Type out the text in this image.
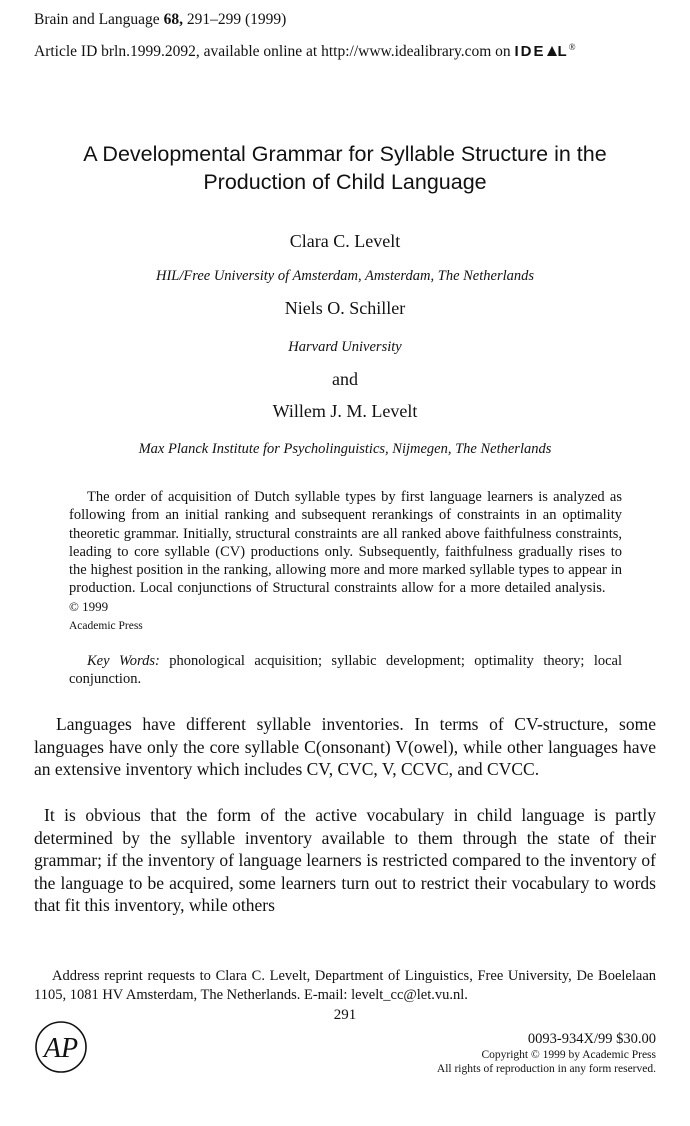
Brain and Language 68, 291–299 (1999)
Article ID brln.1999.2092, available online at http://www.idealibrary.com on IDE L®
A Developmental Grammar for Syllable Structure in the Production of Child Language
Clara C. Levelt
HIL/Free University of Amsterdam, Amsterdam, The Netherlands
Niels O. Schiller
Harvard University
and
Willem J. M. Levelt
Max Planck Institute for Psycholinguistics, Nijmegen, The Netherlands

The order of acquisition of Dutch syllable types by first language learners is analyzed as following from an initial ranking and subsequent rerankings of constraints in an optimality theoretic grammar. Initially, structural constraints are all ranked above faithfulness constraints, leading to core syllable (CV) productions only. Subsequently, faithfulness gradually rises to the highest position in the ranking, allowing more and more marked syllable types to appear in production. Local conjunctions of Structural constraints allow for a more detailed analysis.  © 1999
Academic Press

Key Words: phonological acquisition; syllabic development; optimality theory; local conjunction.

Languages have different syllable inventories. In terms of CV-structure, some languages have only the core syllable C(onsonant) V(owel), while other languages have an extensive inventory which includes CV, CVC, V, CCVC, and CVCC.

It is obvious that the form of the active vocabulary in child language is partly determined by the syllable inventory available to them through the state of their grammar; if the inventory of language learners is restricted compared to the inventory of the language to be acquired, some learners turn out to restrict their vocabulary to words that fit this inventory, while others

Address reprint requests to Clara C. Levelt, Department of Linguistics, Free University, De Boelelaan 1105, 1081 HV Amsterdam, The Netherlands. E-mail: levelt_cc@let.vu.nl.
291
AP	0093-934X/99 $30.00
Copyright © 1999 by Academic Press
All rights of reproduction in any form reserved.
